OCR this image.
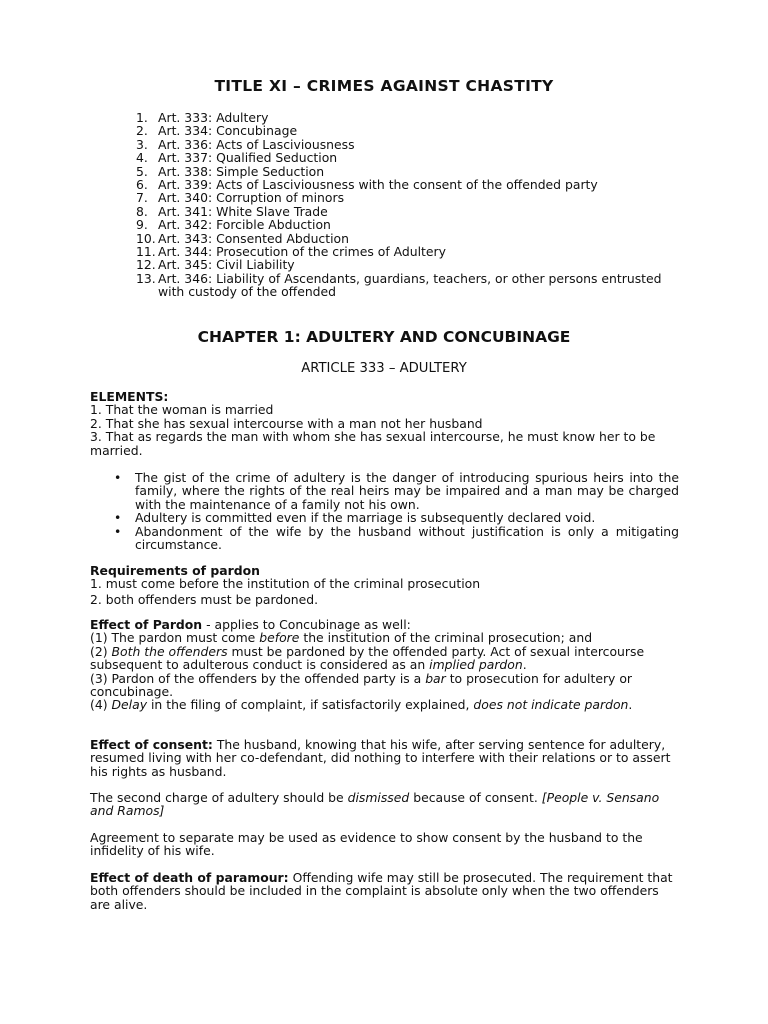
TITLE XI – CRIMES AGAINST CHASTITY
1. Art. 333: Adultery
2. Art. 334: Concubinage
3. Art. 336: Acts of Lasciviousness
4. Art. 337: Qualified Seduction
5. Art. 338: Simple Seduction
6. Art. 339: Acts of Lasciviousness with the consent of the offended party
7. Art. 340: Corruption of minors
8. Art. 341: White Slave Trade
9. Art. 342: Forcible Abduction
10. Art. 343: Consented Abduction
11. Art. 344: Prosecution of the crimes of Adultery
12. Art. 345: Civil Liability
13. Art. 346: Liability of Ascendants, guardians, teachers, or other persons entrusted with custody of the offended
CHAPTER 1: ADULTERY AND CONCUBINAGE
ARTICLE 333 – ADULTERY

ELEMENTS:

1. That the woman is married

2. That she has sexual intercourse with a man not her husband

3. That as regards the man with whom she has sexual intercourse, he must know her to be married.

• The gist of the crime of adultery is the danger of introducing spurious heirs into the family, where the rights of the real heirs may be impaired and a man may be charged with the maintenance of a family not his own.
• Adultery is committed even if the marriage is subsequently declared void.
• Abandonment of the wife by the husband without justification is only a mitigating circumstance.

Requirements of pardon

1. must come before the institution of the criminal prosecution

2. both offenders must be pardoned.

Effect of Pardon - applies to Concubinage as well:

(1) The pardon must come before the institution of the criminal prosecution; and

(2) Both the offenders must be pardoned by the offended party. Act of sexual intercourse subsequent to adulterous conduct is considered as an implied pardon.

(3) Pardon of the offenders by the offended party is a bar to prosecution for adultery or concubinage.

(4) Delay in the filing of complaint, if satisfactorily explained, does not indicate pardon.

Effect of consent: The husband, knowing that his wife, after serving sentence for adultery, resumed living with her co-defendant, did nothing to interfere with their relations or to assert his rights as husband.

The second charge of adultery should be dismissed because of consent. [People v. Sensano and Ramos]

Agreement to separate may be used as evidence to show consent by the husband to the infidelity of his wife.

Effect of death of paramour: Offending wife may still be prosecuted. The requirement that both offenders should be included in the complaint is absolute only when the two offenders are alive.
